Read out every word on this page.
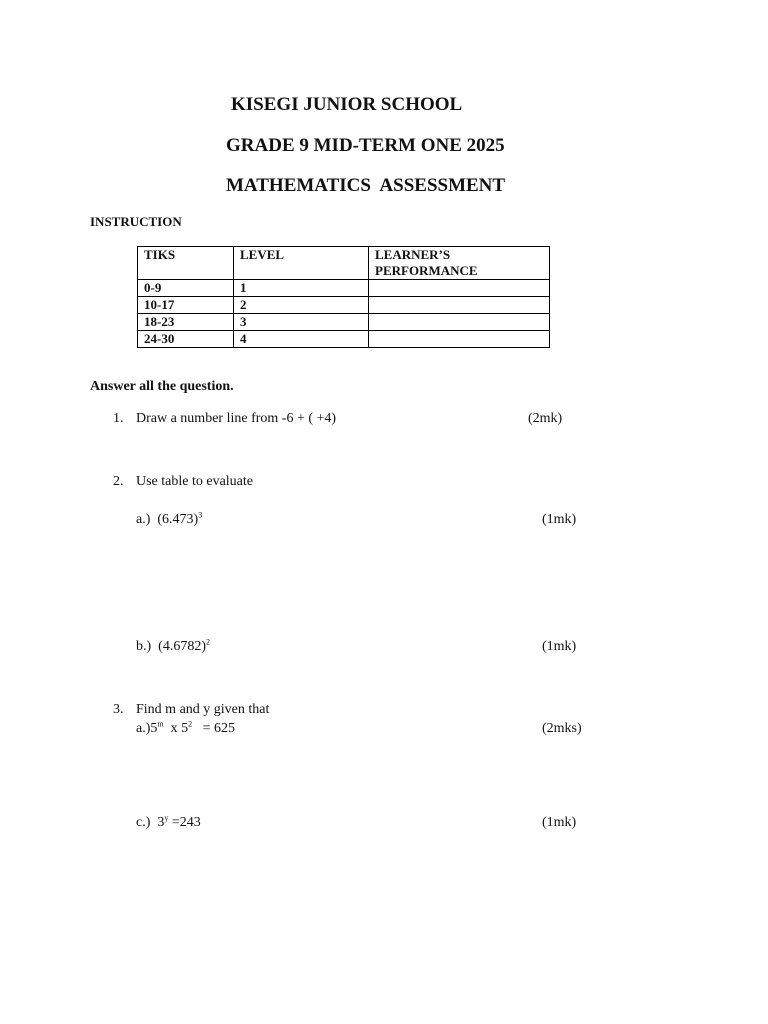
KISEGI JUNIOR SCHOOL
GRADE 9 MID-TERM ONE 2025
MATHEMATICS  ASSESSMENT
INSTRUCTION
TIKS	LEVEL	LEARNER’S PERFORMANCE
0-9	1	
10-17	2	
18-23	3	
24-30	4	
Answer all the question.
1. Draw a number line from -6 + ( +4)	(2mk)
2. Use table to evaluate
a.) $(6.473)^3$	(1mk)
b.) $(4.6782)^2$	(1mk)
3. Find m and y given that
a.)5$^m$ x $5^2 = 625$	(2mks)
c.) $3^y =243$	(1mk)
